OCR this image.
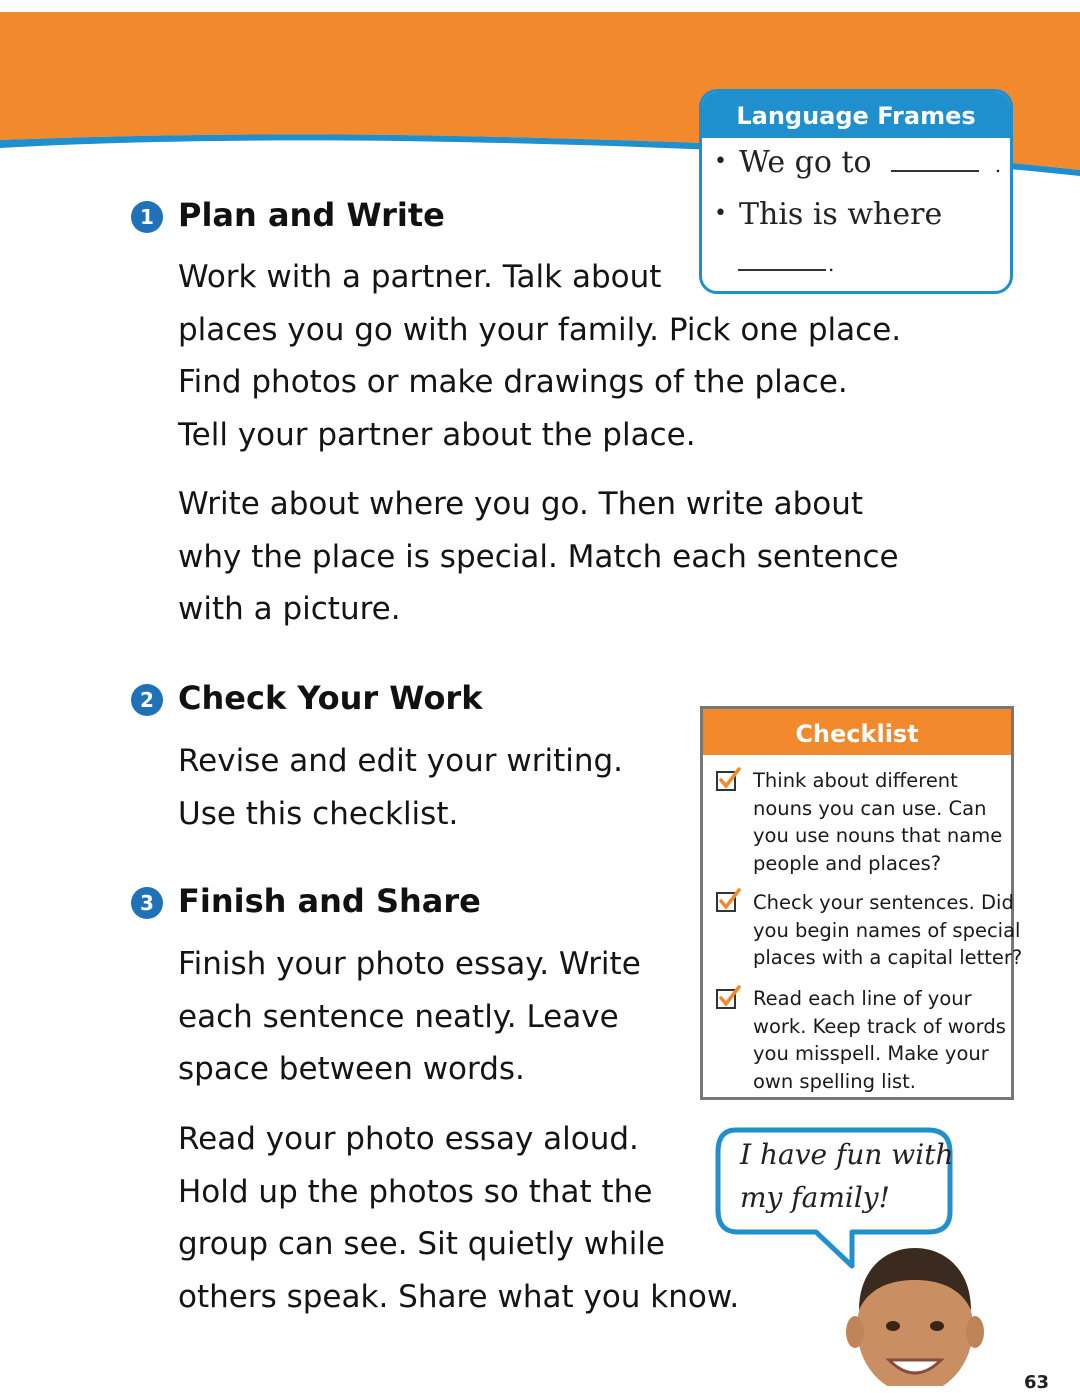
Language Frames
• We go to	.
• This is where
.
1 Plan and Write
Work with a partner. Talk about
places you go with your family. Pick one place.
Find photos or make drawings of the place.
Tell your partner about the place.
Write about where you go. Then write about
why the place is special. Match each sentence
with a picture.
2 Check Your Work
Revise and edit your writing.
Use this checklist.
3 Finish and Share
Finish your photo essay. Write
each sentence neatly. Leave
space between words.
Read your photo essay aloud.
Hold up the photos so that the
group can see. Sit quietly while
others speak. Share what you know.
Checklist
Think about different
nouns you can use. Can
you use nouns that name
people and places?
Check your sentences. Did
you begin names of special
places with a capital letter?
Read each line of your
work. Keep track of words
you misspell. Make your
own spelling list.
I have fun with
my family!
63
